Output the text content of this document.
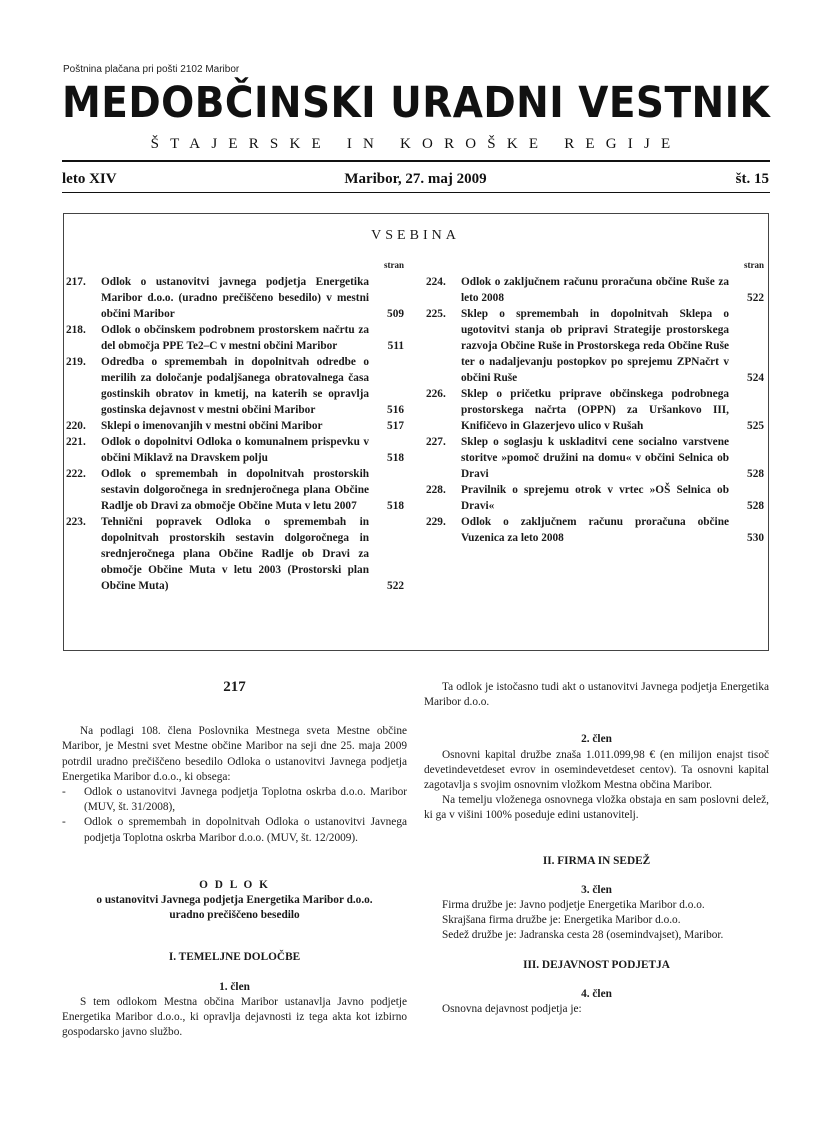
Poštnina plačana pri pošti 2102 Maribor
MEDOBČINSKI URADNI VESTNIK
ŠTAJERSKE IN KOROŠKE REGIJE
leto XIV	Maribor, 27. maj 2009	št. 15
VSEBINA
stran
217.	Odlok o ustanovitvi javnega podjetja Energetika Maribor d.o.o. (uradno prečiščeno besedilo) v mestni občini Maribor	509
218.	Odlok o občinskem podrobnem prostorskem načrtu za del območja PPE Te2–C v mestni občini Maribor	511
219.	Odredba o spremembah in dopolnitvah odredbe o merilih za določanje podaljšanega obratovalnega časa gostinskih obratov in kmetij, na katerih se opravlja gostinska dejavnost v mestni občini Maribor	516
220.	Sklepi o imenovanjih v mestni občini Maribor	517
221.	Odlok o dopolnitvi Odloka o komunalnem prispevku v občini Miklavž na Dravskem polju	518
222.	Odlok o spremembah in dopolnitvah prostorskih sestavin dolgoročnega in srednjeročnega plana Občine Radlje ob Dravi za območje Občine Muta v letu 2007	518
223.	Tehnični popravek Odloka o spremembah in dopolnitvah prostorskih sestavin dolgoročnega in srednjeročnega plana Občine Radlje ob Dravi za območje Občine Muta v letu 2003 (Prostorski plan Občine Muta)	522
stran
224.	Odlok o zaključnem računu proračuna občine Ruše za leto 2008	522
225.	Sklep o spremembah in dopolnitvah Sklepa o ugotovitvi stanja ob pripravi Strategije prostorskega razvoja Občine Ruše in Prostorskega reda Občine Ruše ter o nadaljevanju postopkov po sprejemu ZPNačrt v občini Ruše	524
226.	Sklep o pričetku priprave občinskega podrobnega prostorskega načrta (OPPN) za Uršankovo III, Knifičevo in Glazerjevo ulico v Rušah	525
227.	Sklep o soglasju k uskladitvi cene socialno varstvene storitve »pomoč družini na domu« v občini Selnica ob Dravi	528
228.	Pravilnik o sprejemu otrok v vrtec »OŠ Selnica ob Dravi«	528
229.	Odlok o zaključnem računu proračuna občine Vuzenica za leto 2008	530
217

Na podlagi 108. člena Poslovnika Mestnega sveta Mestne občine Maribor, je Mestni svet Mestne občine Maribor na seji dne 25. maja 2009 potrdil uradno prečiščeno besedilo Odloka o ustanovitvi Javnega podjetja Energetika Maribor d.o.o., ki obsega:

-	Odlok o ustanovitvi Javnega podjetja Toplotna oskrba d.o.o. Maribor (MUV, št. 31/2008),
-	Odlok o spremembah in dopolnitvah Odloka o ustanovitvi Javnega podjetja Toplotna oskrba Maribor d.o.o. (MUV, št. 12/2009).

O D L O K

o ustanovitvi Javnega podjetja Energetika Maribor d.o.o.

uradno prečiščeno besedilo

I. TEMELJNE DOLOČBE

1. člen

S tem odlokom Mestna občina Maribor ustanavlja Javno podjetje Energetika Maribor d.o.o., ki opravlja dejavnosti iz tega akta kot izbirno gospodarsko javno službo.

Ta odlok je istočasno tudi akt o ustanovitvi Javnega podjetja Energetika Maribor d.o.o.

2. člen

Osnovni kapital družbe znaša 1.011.099,98 € (en milijon enajst tisoč devetindevetdeset evrov in osemindevetdeset centov). Ta osnovni kapital zagotavlja s svojim osnovnim vložkom Mestna občina Maribor.

Na temelju vloženega osnovnega vložka obstaja en sam poslovni delež, ki ga v višini 100% poseduje edini ustanovitelj.

II. FIRMA IN SEDEŽ

3. člen

Firma družbe je: Javno podjetje Energetika Maribor d.o.o.

Skrajšana firma družbe je: Energetika Maribor d.o.o.

Sedež družbe je: Jadranska cesta 28 (osemindvajset), Maribor.

III. DEJAVNOST PODJETJA

4. člen

Osnovna dejavnost podjetja je:
